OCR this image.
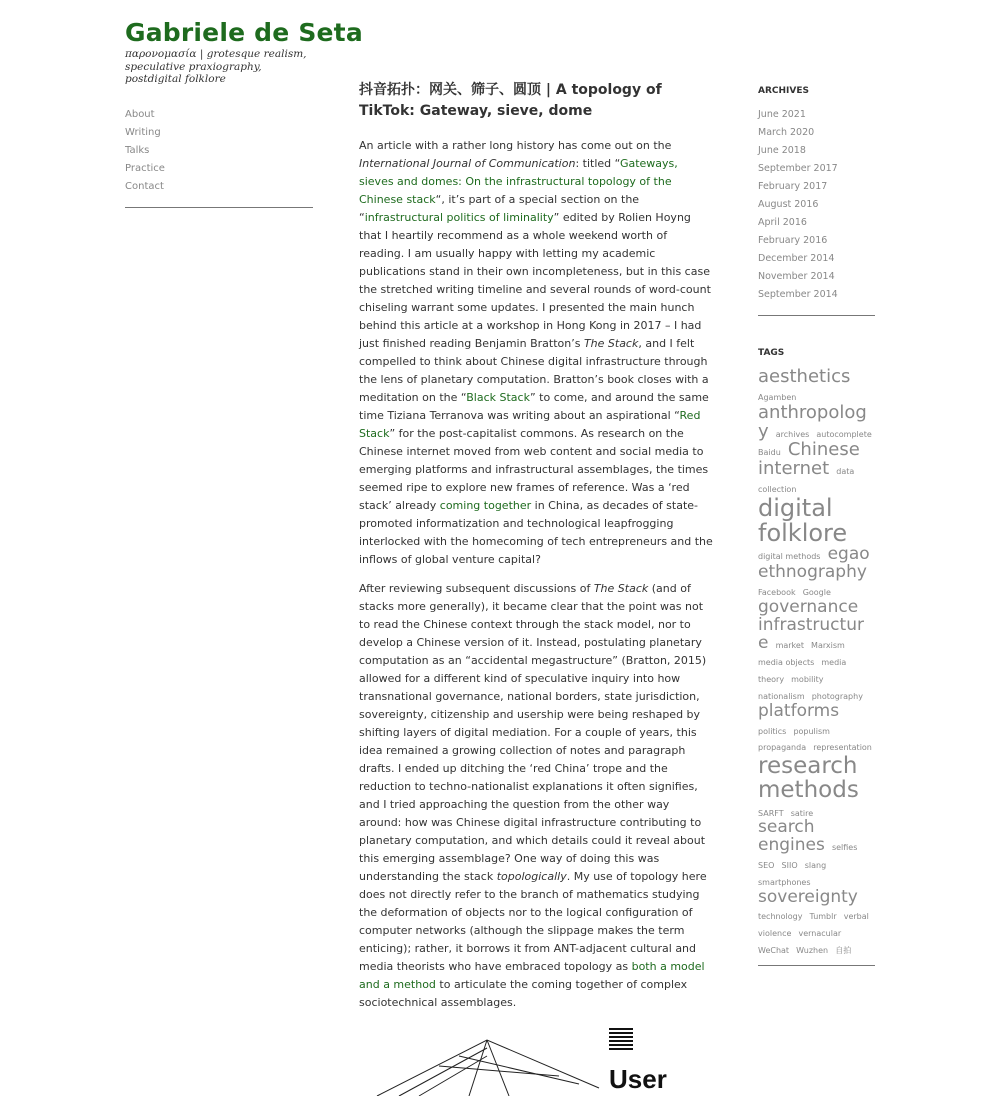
Gabriele de Seta
παρονομασία | grotesque realism, speculative praxiography, postdigital folklore
About
Writing
Talks
Practice
Contact
抖音拓扑：网关、筛子、圆顶 | A topology of TikTok: Gateway, sieve, dome

An article with a rather long history has come out on the International Journal of Communication: titled “Gateways, sieves and domes: On the infrastructural topology of the Chinese stack“, it’s part of a special section on the “infrastructural politics of liminality” edited by Rolien Hoyng that I heartily recommend as a whole weekend worth of reading. I am usually happy with letting my academic publications stand in their own incompleteness, but in this case the stretched writing timeline and several rounds of word-count chiseling warrant some updates. I presented the main hunch behind this article at a workshop in Hong Kong in 2017 – I had just finished reading Benjamin Bratton’s The Stack, and I felt compelled to think about Chinese digital infrastructure through the lens of planetary computation. Bratton’s book closes with a meditation on the “Black Stack” to come, and around the same time Tiziana Terranova was writing about an aspirational “Red Stack” for the post-capitalist commons. As research on the Chinese internet moved from web content and social media to emerging platforms and infrastructural assemblages, the times seemed ripe to explore new frames of reference. Was a ‘red stack’ already coming together in China, as decades of state-promoted informatization and technological leapfrogging interlocked with the homecoming of tech entrepreneurs and the inflows of global venture capital?

After reviewing subsequent discussions of The Stack (and of stacks more generally), it became clear that the point was not to read the Chinese context through the stack model, nor to develop a Chinese version of it. Instead, postulating planetary computation as an “accidental megastructure” (Bratton, 2015) allowed for a different kind of speculative inquiry into how transnational governance, national borders, state jurisdiction, sovereignty, citizenship and usership were being reshaped by shifting layers of digital mediation. For a couple of years, this idea remained a growing collection of notes and paragraph drafts. I ended up ditching the ‘red China’ trope and the reduction to techno-nationalist explanations it often signifies, and I tried approaching the question from the other way around: how was Chinese digital infrastructure contributing to planetary computation, and which details could it reveal about this emerging assemblage? One way of doing this was understanding the stack topologically. My use of topology here does not directly refer to the branch of mathematics studying the deformation of objects nor to the logical configuration of computer networks (although the slippage makes the term enticing); rather, it borrows it from ANT-adjacent cultural and media theorists who have embraced topology as both a model and a method to articulate the coming together of complex sociotechnical assemblages.

User
ARCHIVES
June 2021
March 2020
June 2018
September 2017
February 2017
August 2016
April 2016
February 2016
December 2014
November 2014
September 2014
TAGS
aesthetics Agamben anthropology archives autocomplete Baidu Chinese internet data collection digital folklore digital methods egao ethnography Facebook Google governance infrastructure market Marxism media objects media theory mobility nationalism photography platforms politics populism propaganda representation research methods SARFT satire search engines selfies SEO SIIO slang smartphones sovereignty technology Tumblr verbal violence vernacular WeChat Wuzhen 自拍
